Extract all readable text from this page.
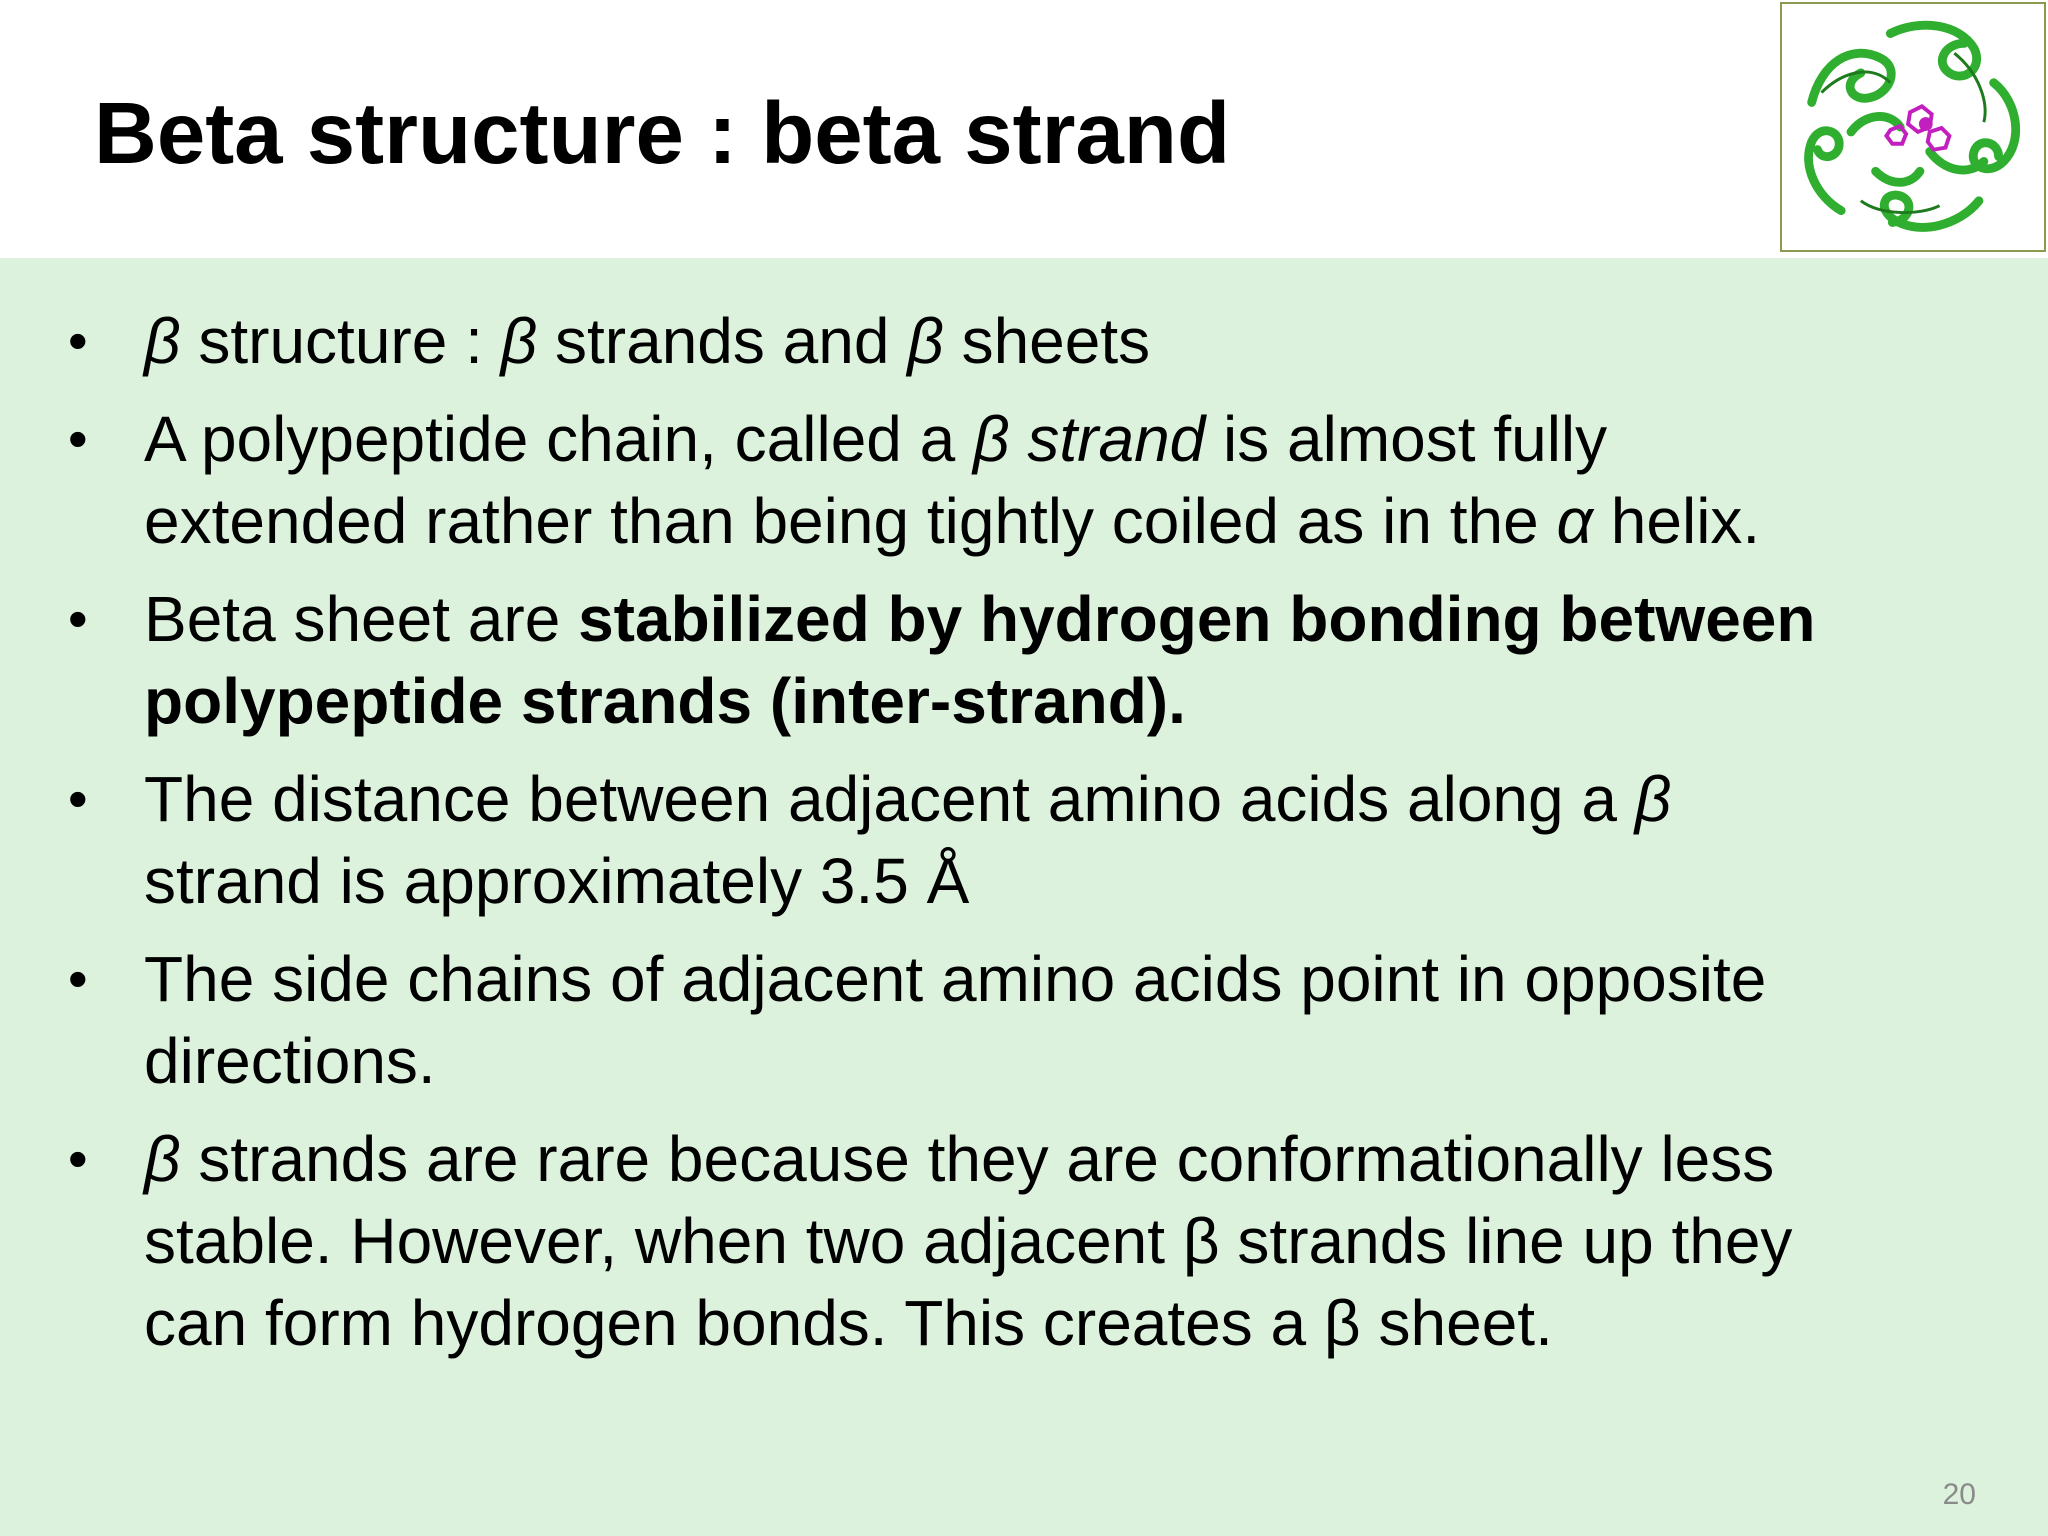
Beta structure : beta strand
• β structure : β strands and β sheets
• A polypeptide chain, called a β strand is almost fully
extended rather than being tightly coiled as in the α helix.
• Beta sheet are stabilized by hydrogen bonding between
polypeptide strands (inter-strand).
• The distance between adjacent amino acids along a β
strand is approximately 3.5 Å
• The side chains of adjacent amino acids point in opposite
directions.
• β strands are rare because they are conformationally less
stable. However, when two adjacent β strands line up they
can form hydrogen bonds. This creates a β sheet.
20
